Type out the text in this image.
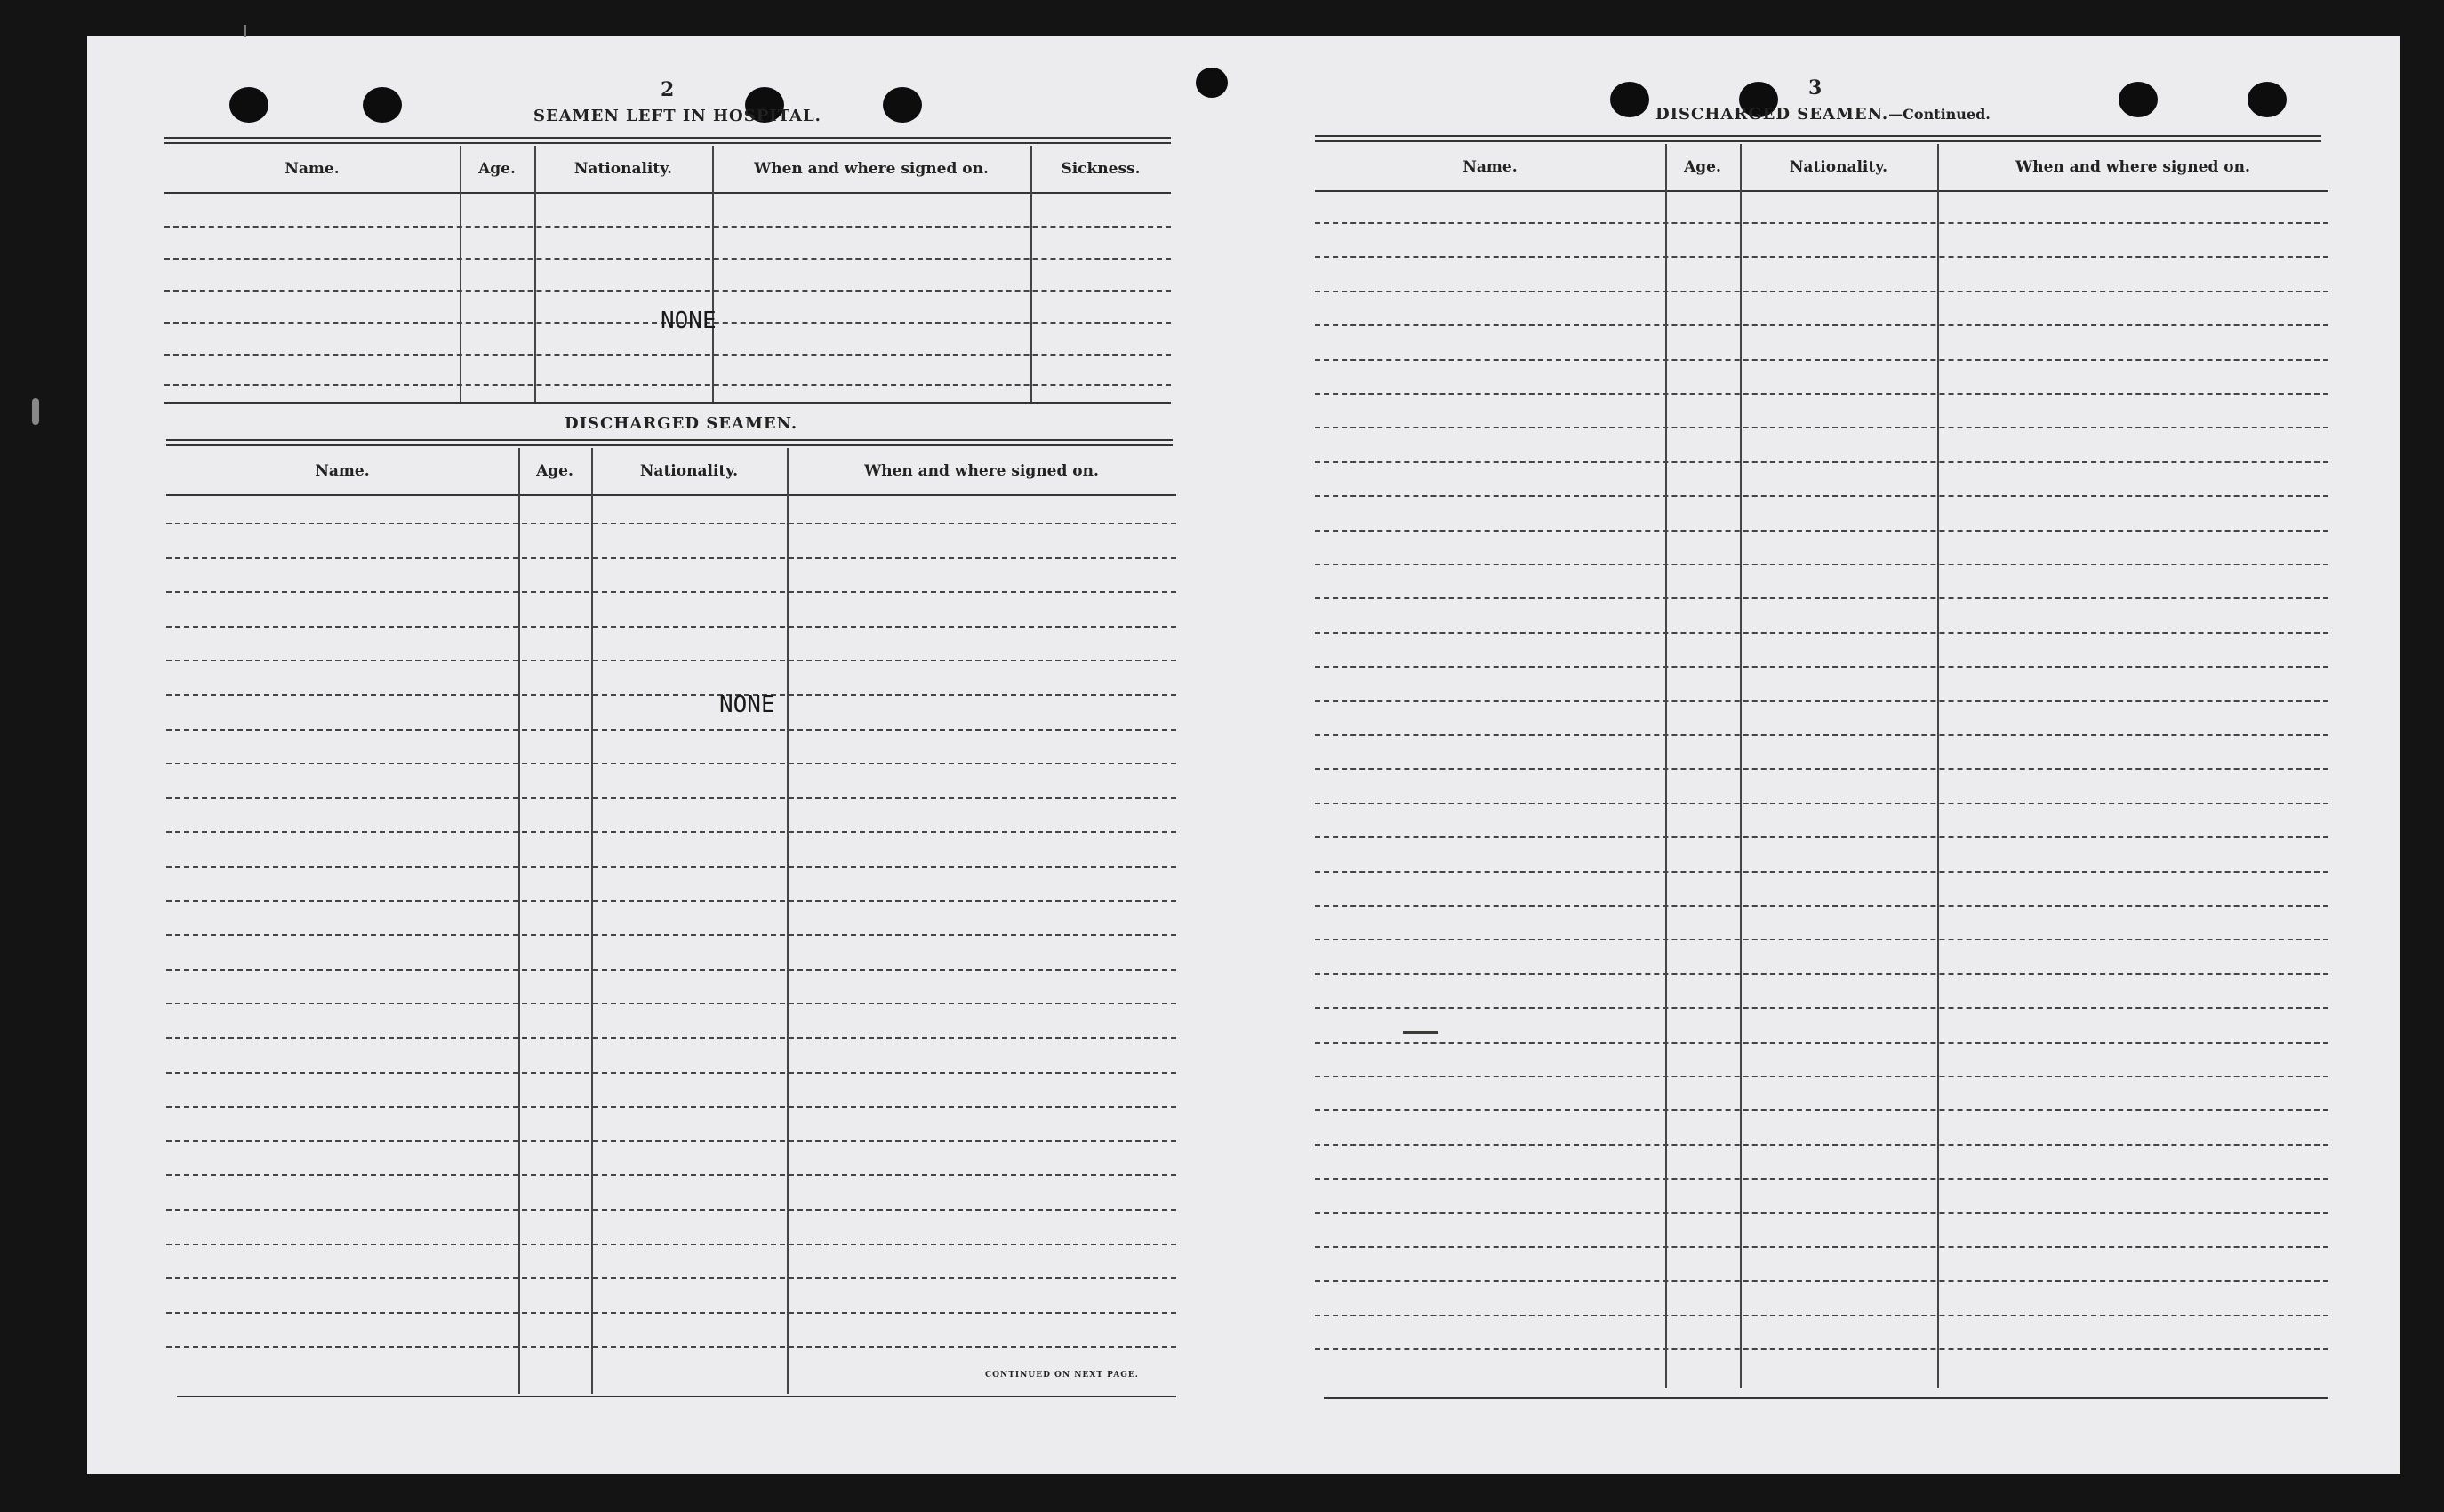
2
SEAMEN LEFT IN HOSPITAL.
Name.	Age.	Nationality.	When and where signed on.	Sickness.
NONE
DISCHARGED SEAMEN.
Name.	Age.	Nationality.	When and where signed on.
NONE
CONTINUED ON NEXT PAGE.
3
DISCHARGED SEAMEN.—Continued.
Name.	Age.	Nationality.	When and where signed on.
